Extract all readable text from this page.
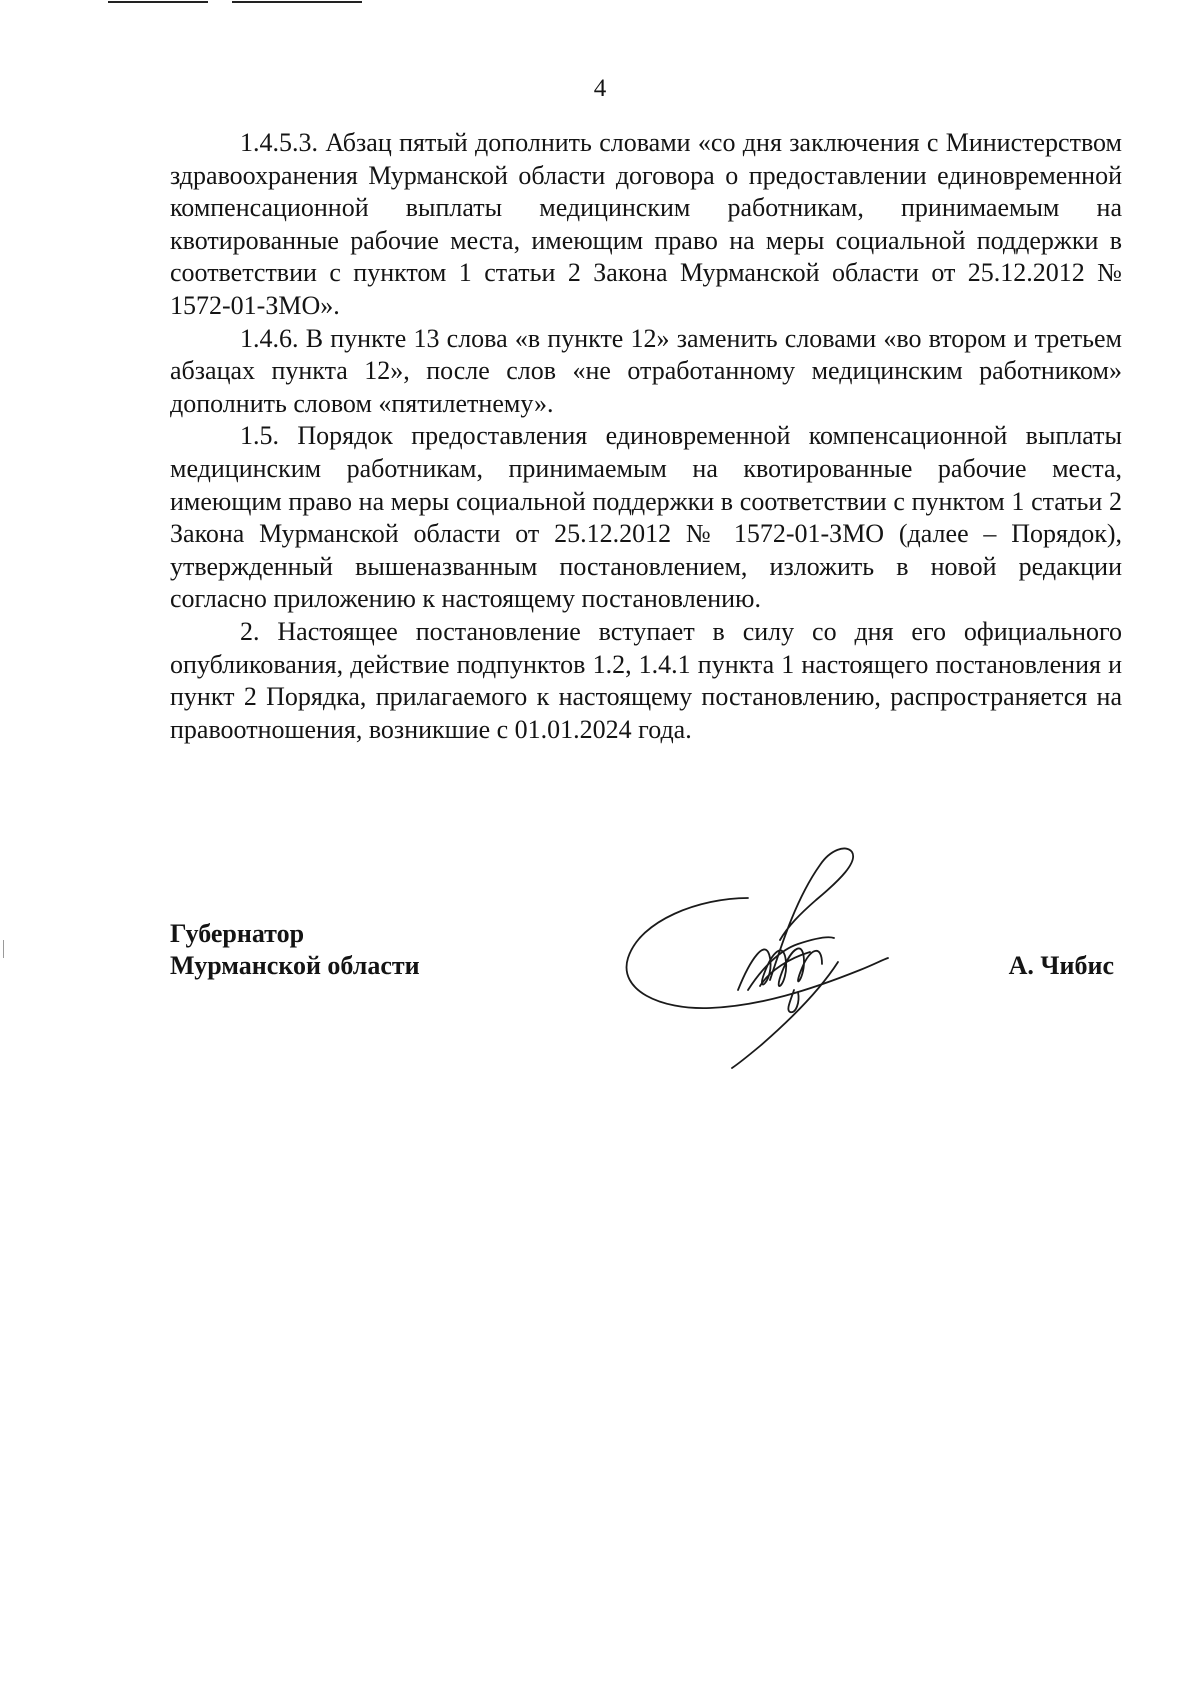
4

1.4.5.3. Абзац пятый дополнить словами «со дня заключения с Министерством здравоохранения Мурманской области договора о предоставлении единовременной компенсационной выплаты медицинским работникам, принимаемым на квотированные рабочие места, имеющим право на меры социальной поддержки в соответствии с пунктом 1 статьи 2 Закона Мурманской области от 25.12.2012 № 1572-01-ЗМО».

1.4.6. В пункте 13 слова «в пункте 12» заменить словами «во втором и третьем абзацах пункта 12», после слов «не отработанному медицинским работником» дополнить словом «пятилетнему».

1.5. Порядок предоставления единовременной компенсационной выплаты медицинским работникам, принимаемым на квотированные рабочие места, имеющим право на меры социальной поддержки в соответствии с пунктом 1 статьи 2 Закона Мурманской области от 25.12.2012 № 1572-01-ЗМО (далее – Порядок), утвержденный вышеназванным постановлением, изложить в новой редакции согласно приложению к настоящему постановлению.

2. Настоящее постановление вступает в силу со дня его официального опубликования, действие подпунктов 1.2, 1.4.1 пункта 1 настоящего постановления и пункт 2 Порядка, прилагаемого к настоящему постановлению, распространяется на правоотношения, возникшие с 01.01.2024 года.

Губернатор
Мурманской области	А. Чибис
